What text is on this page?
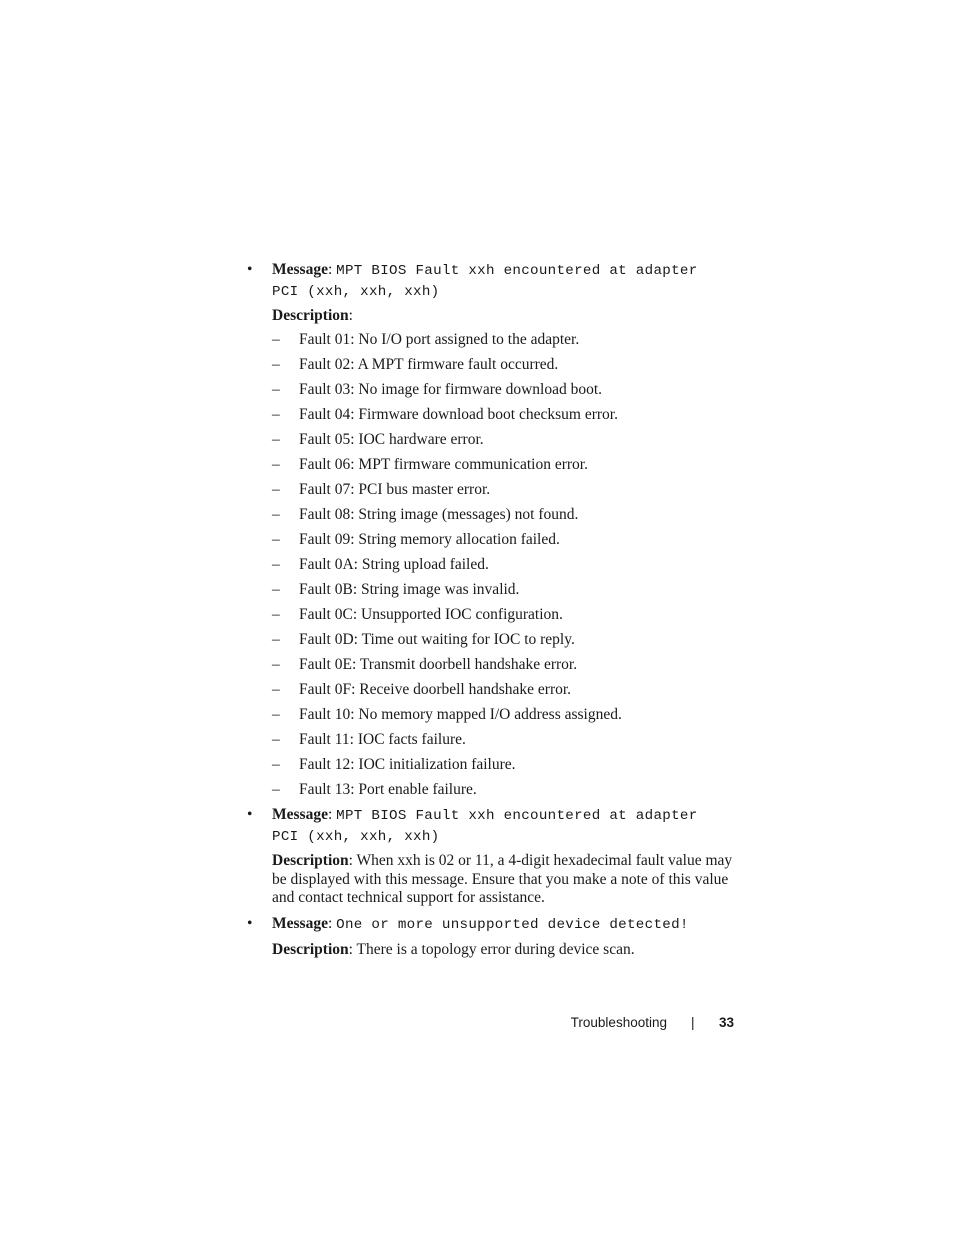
•	Message: MPT BIOS Fault xxh encountered at adapter

PCI (xxh, xxh, xxh)

Description:

– Fault 01: No I/O port assigned to the adapter.
– Fault 02: A MPT firmware fault occurred.
– Fault 03: No image for firmware download boot.
– Fault 04: Firmware download boot checksum error.
– Fault 05: IOC hardware error.
– Fault 06: MPT firmware communication error.
– Fault 07: PCI bus master error.
– Fault 08: String image (messages) not found.
– Fault 09: String memory allocation failed.
– Fault 0A: String upload failed.
– Fault 0B: String image was invalid.
– Fault 0C: Unsupported IOC configuration.
– Fault 0D: Time out waiting for IOC to reply.
– Fault 0E: Transmit doorbell handshake error.
– Fault 0F: Receive doorbell handshake error.
– Fault 10: No memory mapped I/O address assigned.
– Fault 11: IOC facts failure.
– Fault 12: IOC initialization failure.
– Fault 13: Port enable failure.
•	Message: MPT BIOS Fault xxh encountered at adapter

PCI (xxh, xxh, xxh)

Description: When xxh is 02 or 11, a 4-digit hexadecimal fault value may be displayed with this message. Ensure that you make a note of this value and contact technical support for assistance.

•	Message: One or more unsupported device detected!

Description: There is a topology error during device scan.

Troubleshooting | 33
